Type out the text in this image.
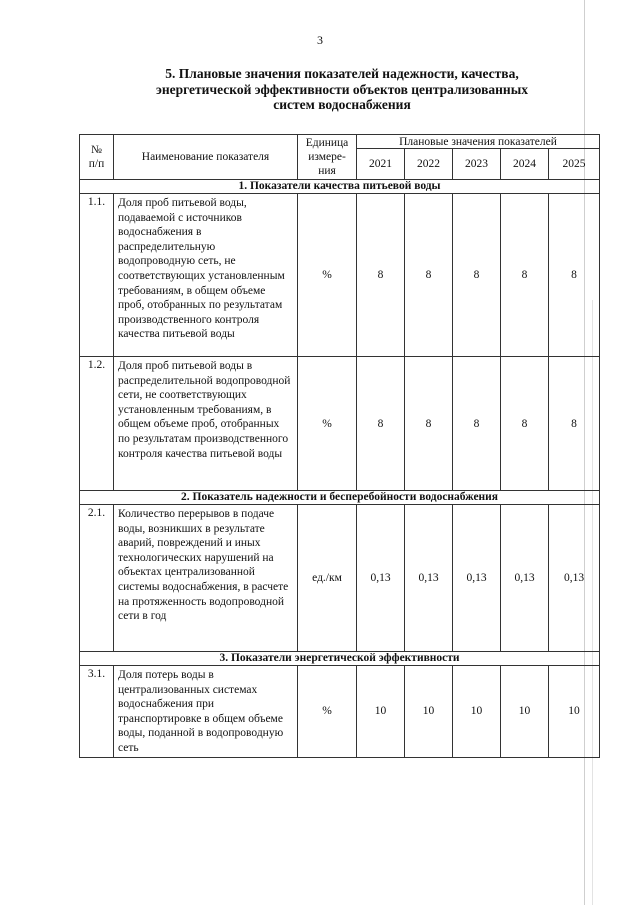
3
5. Плановые значения показателей надежности, качества,
энергетической эффективности объектов централизованных
систем водоснабжения
№ п/п	Наименование показателя	Единица измере-ния	Плановые значения показателей				
			2021	2022	2023	2024	2025
1. Показатели качества питьевой воды							
1.1.	Доля проб питьевой воды, подаваемой с источников водоснабжения в распределительную водопроводную сеть, не соответствующих установленным требованиям, в общем объеме проб, отобранных по результатам производственного контроля качества питьевой воды	%	8	8	8	8	8
1.2.	Доля проб питьевой воды в распределительной водопроводной сети, не соответствующих установленным требованиям, в общем объеме проб, отобранных по результатам производственного контроля качества питьевой воды	%	8	8	8	8	8
2. Показатель надежности и бесперебойности водоснабжения							
2.1.	Количество перерывов в подаче воды, возникших в результате аварий, повреждений и иных технологических нарушений на объектах централизованной системы водоснабжения, в расчете на протяженность водопроводной сети в год	ед./км	0,13	0,13	0,13	0,13	0,13
3. Показатели энергетической эффективности							
3.1.	Доля потерь воды в централизованных системах водоснабжения при транспортировке в общем объеме воды, поданной в водопроводную сеть	%	10	10	10	10	10
